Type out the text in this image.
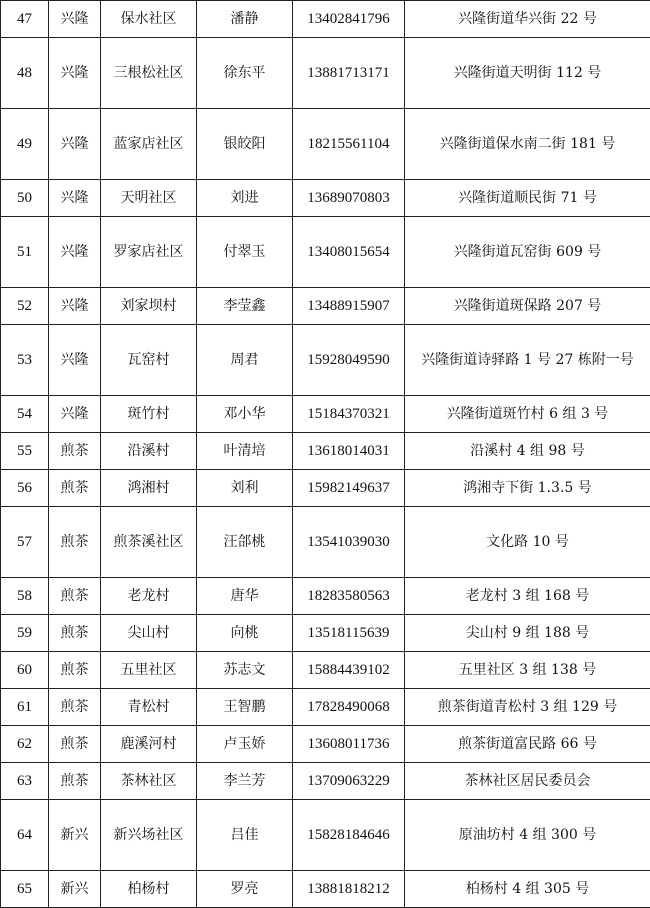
47	兴隆	保水社区	潘静	13402841796	兴隆街道华兴街 22 号
48	兴隆	三根松社区	徐东平	13881713171	兴隆街道天明街 112 号
49	兴隆	蓝家店社区	银皎阳	18215561104	兴隆街道保水南二街 181 号
50	兴隆	天明社区	刘进	13689070803	兴隆街道顺民街 71 号
51	兴隆	罗家店社区	付翠玉	13408015654	兴隆街道瓦窑街 609 号
52	兴隆	刘家坝村	李莹鑫	13488915907	兴隆街道斑保路 207 号
53	兴隆	瓦窑村	周君	15928049590	兴隆街道诗驿路 1 号 27 栋附一号
54	兴隆	斑竹村	邓小华	15184370321	兴隆街道斑竹村 6 组 3 号
55	煎茶	沿溪村	叶清培	13618014031	沿溪村 4 组 98 号
56	煎茶	鸿湘村	刘利	15982149637	鸿湘寺下街 1.3.5 号
57	煎茶	煎茶溪社区	汪郃桃	13541039030	文化路 10 号
58	煎茶	老龙村	唐华	18283580563	老龙村 3 组 168 号
59	煎茶	尖山村	向桃	13518115639	尖山村 9 组 188 号
60	煎茶	五里社区	苏志文	15884439102	五里社区 3 组 138 号
61	煎茶	青松村	王智鹏	17828490068	煎茶街道青松村 3 组 129 号
62	煎茶	鹿溪河村	卢玉娇	13608011736	煎茶街道富民路 66 号
63	煎茶	茶林社区	李兰芳	13709063229	茶林社区居民委员会
64	新兴	新兴场社区	吕佳	15828184646	原油坊村 4 组 300 号
65	新兴	柏杨村	罗亮	13881818212	柏杨村 4 组 305 号
